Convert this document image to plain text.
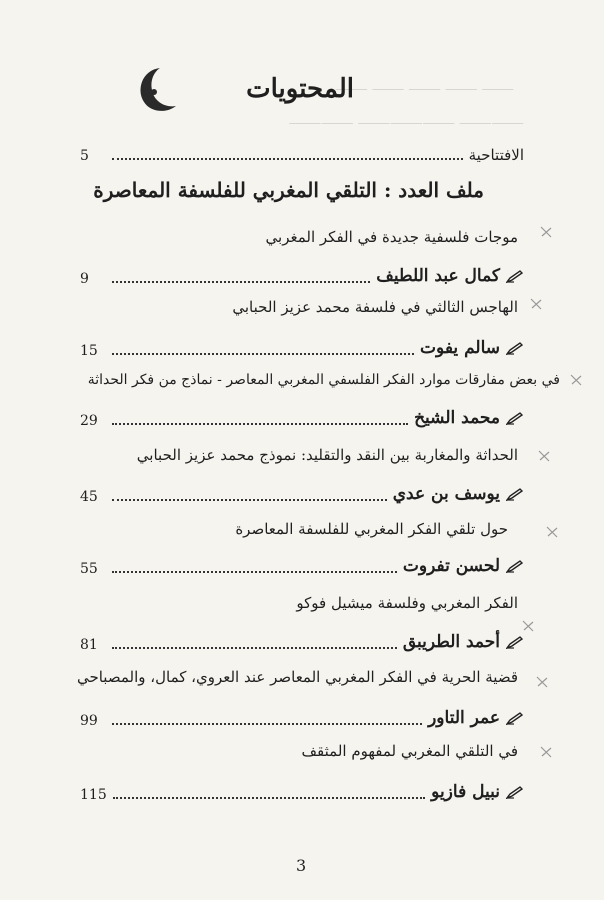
⸻ ⸻ ⸻ ⸻ ⸻
⸻⸻ ⸻⸻⸻ ⸻⸻
المحتويات
5	الافتتاحية
ملف العدد : التلقي المغربي للفلسفة المعاصرة
موجات فلسفية جديدة في الفكر المغربي
9	كمال عبد اللطيف
الهاجس الثالثي في فلسفة محمد عزيز الحبابي
15	سالم يفوت
في بعض مفارقات موارد الفكر الفلسفي المغربي المعاصر - نماذج من فكر الحداثة
29	محمد الشيخ
الحداثة والمغاربة بين النقد والتقليد: نموذج محمد عزيز الحبابي
45	يوسف بن عدي
حول تلقي الفكر المغربي للفلسفة المعاصرة
55	لحسن تفروت
الفكر المغربي وفلسفة ميشيل فوكو
81	أحمد الطريبق
قضية الحرية في الفكر المغربي المعاصر عند العروي، كمال، والمصباحي
99	عمر التاور
في التلقي المغربي لمفهوم المثقف
115	نبيل فازيو
3
